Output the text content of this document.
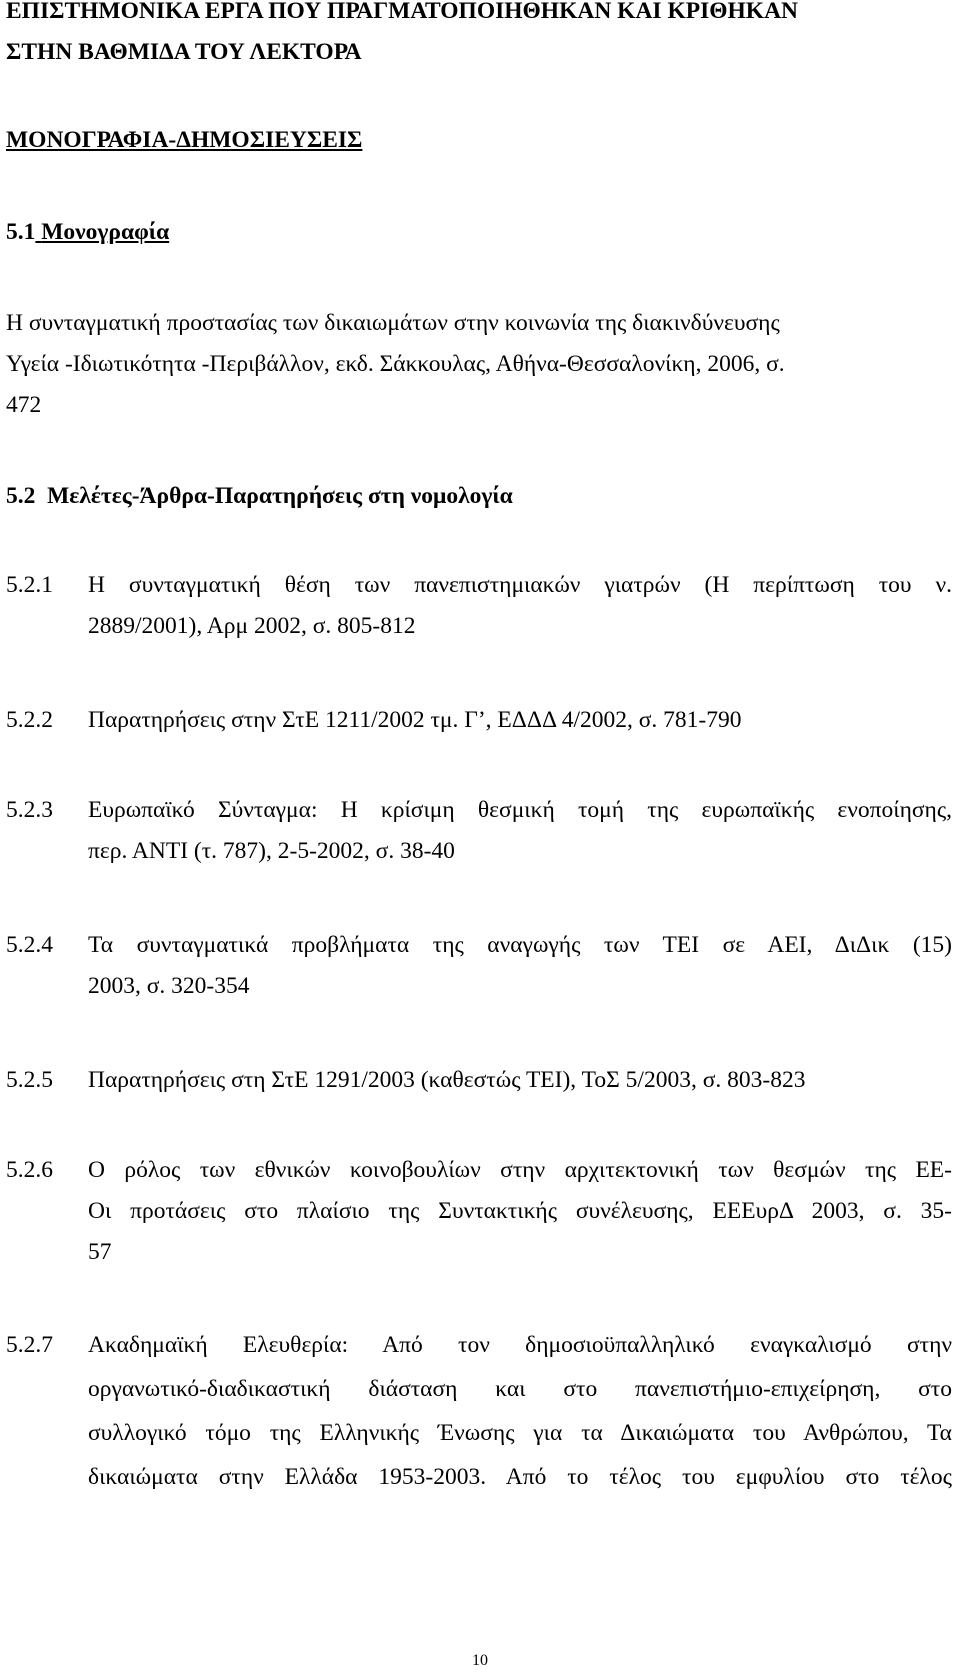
ΕΠΙΣΤΗΜΟΝΙΚΑ ΕΡΓΑ ΠΟΥ ΠΡΑΓΜΑΤΟΠΟΙΗΘΗΚΑΝ ΚΑΙ ΚΡΙΘΗΚΑΝ
ΣΤΗΝ ΒΑΘΜΙΔΑ ΤΟΥ ΛΕΚΤΟΡΑ
ΜΟΝΟΓΡΑΦΙΑ-ΔΗΜΟΣΙΕΥΣΕΙΣ
5.1 Μονογραφία
Η συνταγματική προστασίας των δικαιωμάτων στην κοινωνία της διακινδύνευσης
Υγεία -Ιδιωτικότητα -Περιβάλλον, εκδ. Σάκκουλας, Αθήνα-Θεσσαλονίκη, 2006, σ.
472
5.2 Μελέτες-Άρθρα-Παρατηρήσεις στη νομολογία
5.2.1 Η συνταγματική θέση των πανεπιστημιακών γιατρών (Η περίπτωση του ν.
2889/2001), Αρμ 2002, σ. 805-812
5.2.2 Παρατηρήσεις στην ΣτΕ 1211/2002 τμ. Γ’, ΕΔΔΔ 4/2002, σ. 781-790
5.2.3 Ευρωπαϊκό Σύνταγμα: Η κρίσιμη θεσμική τομή της ευρωπαϊκής ενοποίησης,
περ. ΑΝΤΙ (τ. 787), 2-5-2002, σ. 38-40
5.2.4 Τα συνταγματικά προβλήματα της αναγωγής των ΤΕΙ σε ΑΕΙ, ΔιΔικ (15)
2003, σ. 320-354
5.2.5 Παρατηρήσεις στη ΣτΕ 1291/2003 (καθεστώς ΤΕΙ), ΤοΣ 5/2003, σ. 803-823
5.2.6 Ο ρόλος των εθνικών κοινοβουλίων στην αρχιτεκτονική των θεσμών της ΕΕ-
Οι προτάσεις στο πλαίσιο της Συντακτικής συνέλευσης, ΕΕΕυρΔ 2003, σ. 35-
57
5.2.7 Ακαδημαϊκή Ελευθερία: Από τον δημοσιοϋπαλληλικό εναγκαλισμό στην
οργανωτικό-διαδικαστική διάσταση και στο πανεπιστήμιο-επιχείρηση, στο
συλλογικό τόμο της Ελληνικής Ένωσης για τα Δικαιώματα του Ανθρώπου, Τα
δικαιώματα στην Ελλάδα 1953-2003. Από το τέλος του εμφυλίου στο τέλος
10
